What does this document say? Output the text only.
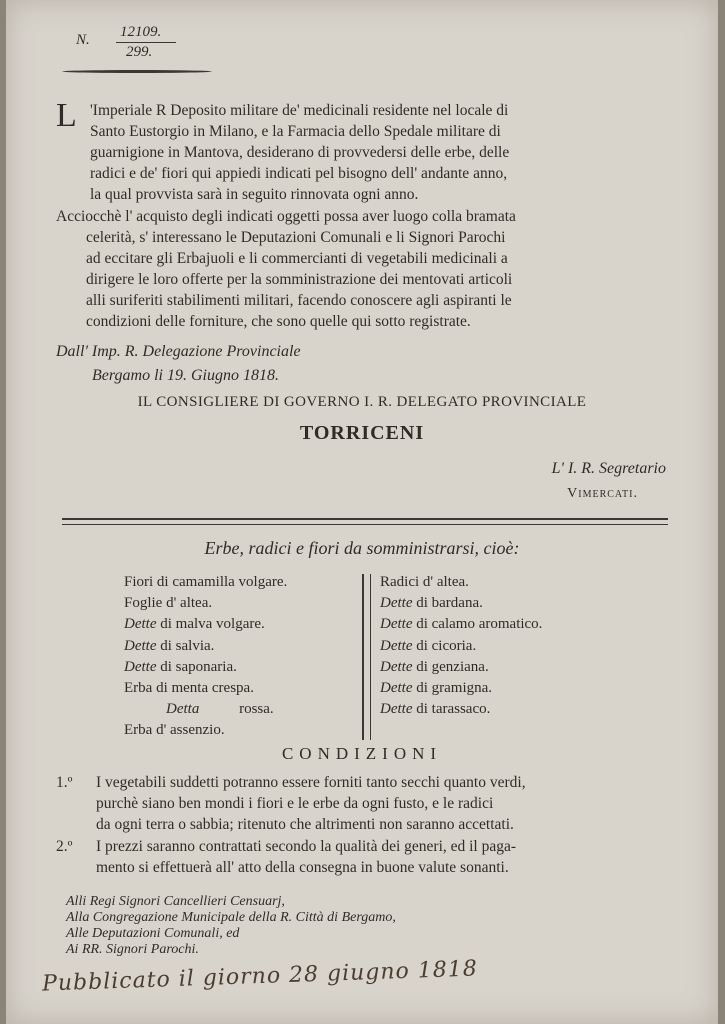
N. 12109.
299.
L 'Imperiale R Deposito militare de' medicinali residente nel locale di
Santo Eustorgio in Milano, e la Farmacia dello Spedale militare di
guarnigione in Mantova, desiderano di provvedersi delle erbe, delle
radici e de' fiori qui appiedi indicati pel bisogno dell' andante anno,
la qual provvista sarà in seguito rinnovata ogni anno.
Acciocchè l' acquisto degli indicati oggetti possa aver luogo colla bramata
celerità, s' interessano le Deputazioni Comunali e li Signori Parochi
ad eccitare gli Erbajuoli e li commercianti di vegetabili medicinali a
dirigere le loro offerte per la somministrazione dei mentovati articoli
alli suriferiti stabilimenti militari, facendo conoscere agli aspiranti le
condizioni delle forniture, che sono quelle qui sotto registrate.
Dall' Imp. R. Delegazione Provinciale
Bergamo li 19. Giugno 1818.
IL CONSIGLIERE DI GOVERNO I. R. DELEGATO PROVINCIALE
TORRICENI
L' I. R. Segretario
Vimercati.
Erbe, radici e fiori da somministrarsi, cioè:
Fiori di camamilla volgare.
Foglie d' altea.
Dette di malva volgare.
Dette di salvia.
Dette di saponaria.
Erba di menta crespa.
Detta rossa.
Erba d' assenzio.
Radici d' altea.
Dette di bardana.
Dette di calamo aromatico.
Dette di cicoria.
Dette di genziana.
Dette di gramigna.
Dette di tarassaco.
CONDIZIONI
1.º I vegetabili suddetti potranno essere forniti tanto secchi quanto verdi,
purchè siano ben mondi i fiori e le erbe da ogni fusto, e le radici
da ogni terra o sabbia; ritenuto che altrimenti non saranno accettati.
2.º I prezzi saranno contrattati secondo la qualità dei generi, ed il paga-
mento si effettuerà all' atto della consegna in buone valute sonanti.
Alli Regi Signori Cancellieri Censuarj,
Alla Congregazione Municipale della R. Città di Bergamo,
Alle Deputazioni Comunali, ed
Ai RR. Signori Parochi.
Pubblicato il giorno 28 giugno 1818
